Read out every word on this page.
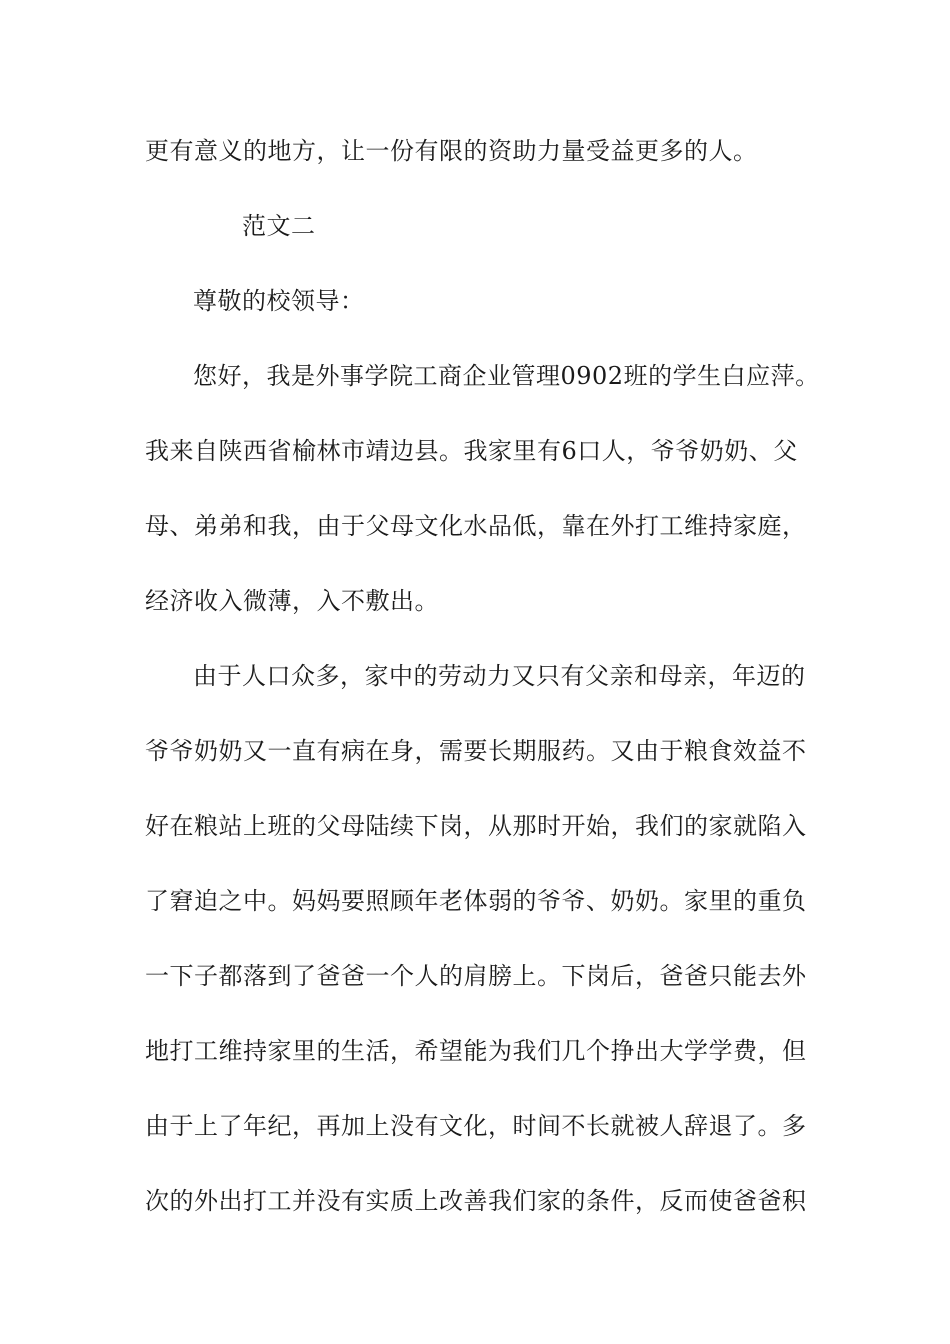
更有意义的地方，让一份有限的资助力量受益更多的人。
范文二
尊敬的校领导：
您好，我是外事学院工商企业管理0902班的学生白应萍。
我来自陕西省榆林市靖边县。我家里有6口人，爷爷奶奶、父
母、弟弟和我，由于父母文化水品低，靠在外打工维持家庭，
经济收入微薄，入不敷出。
由于人口众多，家中的劳动力又只有父亲和母亲，年迈的
爷爷奶奶又一直有病在身，需要长期服药。又由于粮食效益不
好在粮站上班的父母陆续下岗，从那时开始，我们的家就陷入
了窘迫之中。妈妈要照顾年老体弱的爷爷、奶奶。家里的重负
一下子都落到了爸爸一个人的肩膀上。下岗后，爸爸只能去外
地打工维持家里的生活，希望能为我们几个挣出大学学费，但
由于上了年纪，再加上没有文化，时间不长就被人辞退了。多
次的外出打工并没有实质上改善我们家的条件，反而使爸爸积
